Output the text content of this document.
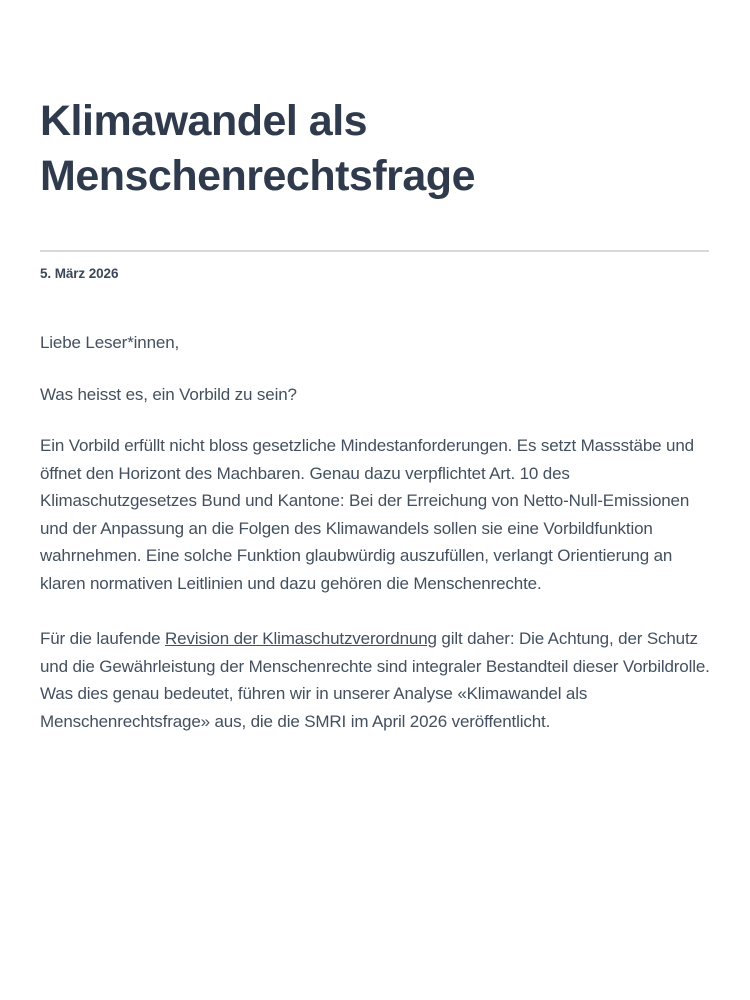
Klimawandel als Menschenrechtsfrage
5. März 2026

Liebe Leser*innen,

Was heisst es, ein Vorbild zu sein?

Ein Vorbild erfüllt nicht bloss gesetzliche Mindestanforderungen. Es setzt Massstäbe und öffnet den Horizont des Machbaren. Genau dazu verpflichtet Art. 10 des Klimaschutzgesetzes Bund und Kantone: Bei der Erreichung von Netto-Null-Emissionen und der Anpassung an die Folgen des Klimawandels sollen sie eine Vorbildfunktion wahrnehmen. Eine solche Funktion glaubwürdig auszufüllen, verlangt Orientierung an klaren normativen Leitlinien und dazu gehören die Menschenrechte.

Für die laufende Revision der Klimaschutzverordnung gilt daher: Die Achtung, der Schutz und die Gewährleistung der Menschenrechte sind integraler Bestandteil dieser Vorbildrolle. Was dies genau bedeutet, führen wir in unserer Analyse «Klimawandel als Menschenrechtsfrage» aus, die die SMRI im April 2026 veröffentlicht.
